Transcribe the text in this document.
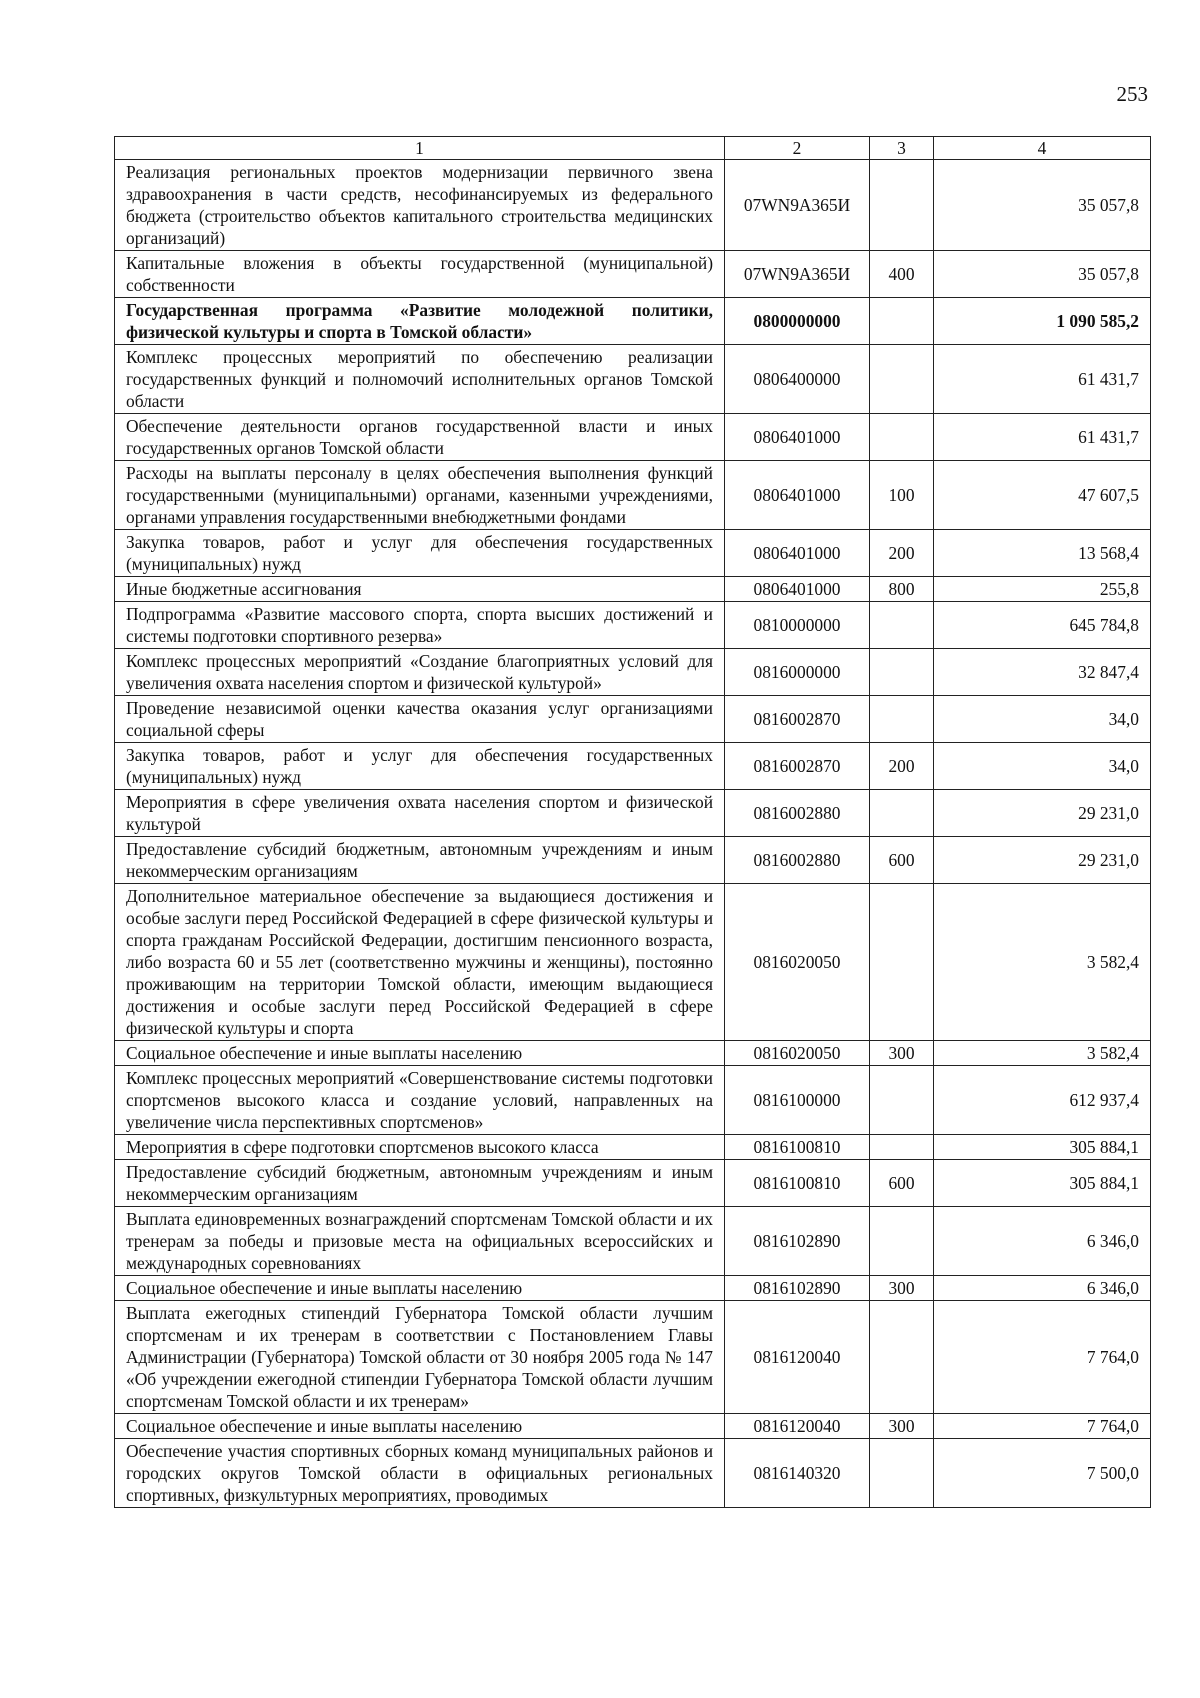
253
1	2	3	4
Реализация региональных проектов модернизации первичного звена здравоохранения в части средств, несофинансируемых из федерального бюджета (строительство объектов капитального строительства медицинских организаций)	07WN9A365И		35 057,8
Капитальные вложения в объекты государственной (муниципальной) собственности	07WN9A365И	400	35 057,8
Государственная программа «Развитие молодежной политики, физической культуры и спорта в Томской области»	0800000000		1 090 585,2
Комплекс процессных мероприятий по обеспечению реализации государственных функций и полномочий исполнительных органов Томской области	0806400000		61 431,7
Обеспечение деятельности органов государственной власти и иных государственных органов Томской области	0806401000		61 431,7
Расходы на выплаты персоналу в целях обеспечения выполнения функций государственными (муниципальными) органами, казенными учреждениями, органами управления государственными внебюджетными фондами	0806401000	100	47 607,5
Закупка товаров, работ и услуг для обеспечения государственных (муниципальных) нужд	0806401000	200	13 568,4
Иные бюджетные ассигнования	0806401000	800	255,8
Подпрограмма «Развитие массового спорта, спорта высших достижений и системы подготовки спортивного резерва»	0810000000		645 784,8
Комплекс процессных мероприятий «Создание благоприятных условий для увеличения охвата населения спортом и физической культурой»	0816000000		32 847,4
Проведение независимой оценки качества оказания услуг организациями социальной сферы	0816002870		34,0
Закупка товаров, работ и услуг для обеспечения государственных (муниципальных) нужд	0816002870	200	34,0
Мероприятия в сфере увеличения охвата населения спортом и физической культурой	0816002880		29 231,0
Предоставление субсидий бюджетным, автономным учреждениям и иным некоммерческим организациям	0816002880	600	29 231,0
Дополнительное материальное обеспечение за выдающиеся достижения и особые заслуги перед Российской Федерацией в сфере физической культуры и спорта гражданам Российской Федерации, достигшим пенсионного возраста, либо возраста 60 и 55 лет (соответственно мужчины и женщины), постоянно проживающим на территории Томской области, имеющим выдающиеся достижения и особые заслуги перед Российской Федерацией в сфере физической культуры и спорта	0816020050		3 582,4
Социальное обеспечение и иные выплаты населению	0816020050	300	3 582,4
Комплекс процессных мероприятий «Совершенствование системы подготовки спортсменов высокого класса и создание условий, направленных на увеличение числа перспективных спортсменов»	0816100000		612 937,4
Мероприятия в сфере подготовки спортсменов высокого класса	0816100810		305 884,1
Предоставление субсидий бюджетным, автономным учреждениям и иным некоммерческим организациям	0816100810	600	305 884,1
Выплата единовременных вознаграждений спортсменам Томской области и их тренерам за победы и призовые места на официальных всероссийских и международных соревнованиях	0816102890		6 346,0
Социальное обеспечение и иные выплаты населению	0816102890	300	6 346,0
Выплата ежегодных стипендий Губернатора Томской области лучшим спортсменам и их тренерам в соответствии с Постановлением Главы Администрации (Губернатора) Томской области от 30 ноября 2005 года № 147 «Об учреждении ежегодной стипендии Губернатора Томской области лучшим спортсменам Томской области и их тренерам»	0816120040		7 764,0
Социальное обеспечение и иные выплаты населению	0816120040	300	7 764,0
Обеспечение участия спортивных сборных команд муниципальных районов и городских округов Томской области в официальных региональных спортивных, физкультурных мероприятиях, проводимых	0816140320		7 500,0
